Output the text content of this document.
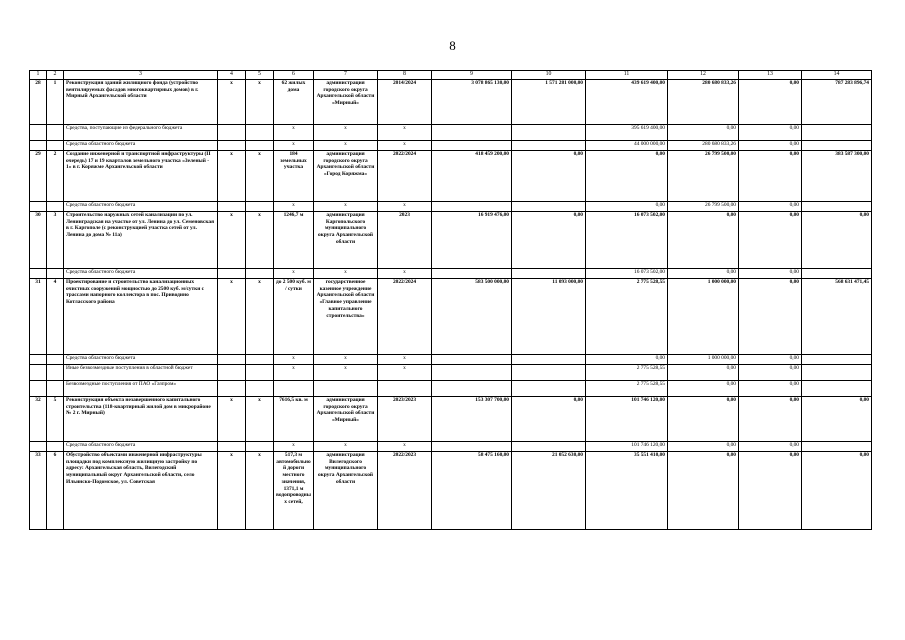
8
1	2	3	4	5	6	7	8	9	10	11	12	13	14
28	1	Реконструкция зданий жилищного фонда (устройство вентилируемых фасадов многоквартирных домов) в г. Мирный Архангельской области	х	х	62 жилых дома	администрация городского округа Архангельской области «Мирный»	2014/2024	3 078 865 130,00	1 571 281 000,00	439 619 400,00	280 680 833,26	0,00	787 283 896,74
		Средства, поступающие из федерального бюджета			х	х	х			395 619 400,00	0,00	0,00	
		Средства областного бюджета			х	х	х			44 000 000,00	280 680 833,26	0,00	
29	2	Создание инженерной и транспортной инфраструктуры (II очередь) 17 и 19 кварталов земельного участка «Зеленый - 1» в г. Коряжме Архангельской области	х	х	184 земельных участка	администрация городского округа Архангельской области «Город Коряжма»	2022/2024	418 459 200,00	0,00	0,00	26 799 500,00	0,00	383 587 300,00
		Средства областного бюджета			х	х	х			0,00	26 799 500,00	0,00	
30	3	Строительство наружных сетей канализации по ул. Ленинградская на участке от ул. Ленина до ул. Семеновская в г. Каргополе (с реконструкцией участка сетей от ул. Ленина до дома № 11а)	х	х	1246,7 м	администрация Каргопольского муниципального округа Архангельской области	2023	16 919 476,00	0,00	16 073 502,00	0,00	0,00	0,00
		Средства областного бюджета			х	х	х			16 073 502,00	0,00	0,00	
31	4	Проектирование и строительство канализационных очистных сооружений мощностью до 2500 куб. м/сутки с трассами напорного коллектора в пос. Приводино Котласского района	х	х	до 2 500 куб. м / сутки	государственное казенное учреждение Архангельской области «Главное управление капитального строительства»	2022/2024	583 500 000,00	11 093 000,00	2 775 528,55	1 000 000,00	0,00	568 631 471,45
		Средства областного бюджета			х	х	х			0,00	1 000 000,00	0,00	
		Иные безвозмездные поступления в областной бюджет			х	х	х			2 775 528,55	0,00	0,00	
		Безвозмездные поступления от ПАО «Газпром»								2 775 528,55	0,00	0,00	
32	5	Реконструкция объекта незавершенного капитального строительства (118-квартирный жилой дом в микрорайоне № 2 г. Мирный)	х	х	7616,5 кв. м	администрация городского округа Архангельской области «Мирный»	2023/2023	153 307 700,00	0,00	101 746 120,00	0,00	0,00	0,00
		Средства областного бюджета			х	х	х			101 746 120,00	0,00	0,00	
33	6	Обустройство объектами инженерной инфраструктуры площадки под комплексную жилищную застройку по адресу: Архангельская область, Вилегодский муниципальный округ Архангельской области, село Ильинско-Подомское, ул. Советская	х	х	517,3 м автомобильной дороги местного значения, 1371,1 м водопроводных сетей,	администрация Вилегодского муниципального округа Архангельской области	2022/2023	58 475 160,00	21 052 630,00	35 551 410,00	0,00	0,00	0,00
